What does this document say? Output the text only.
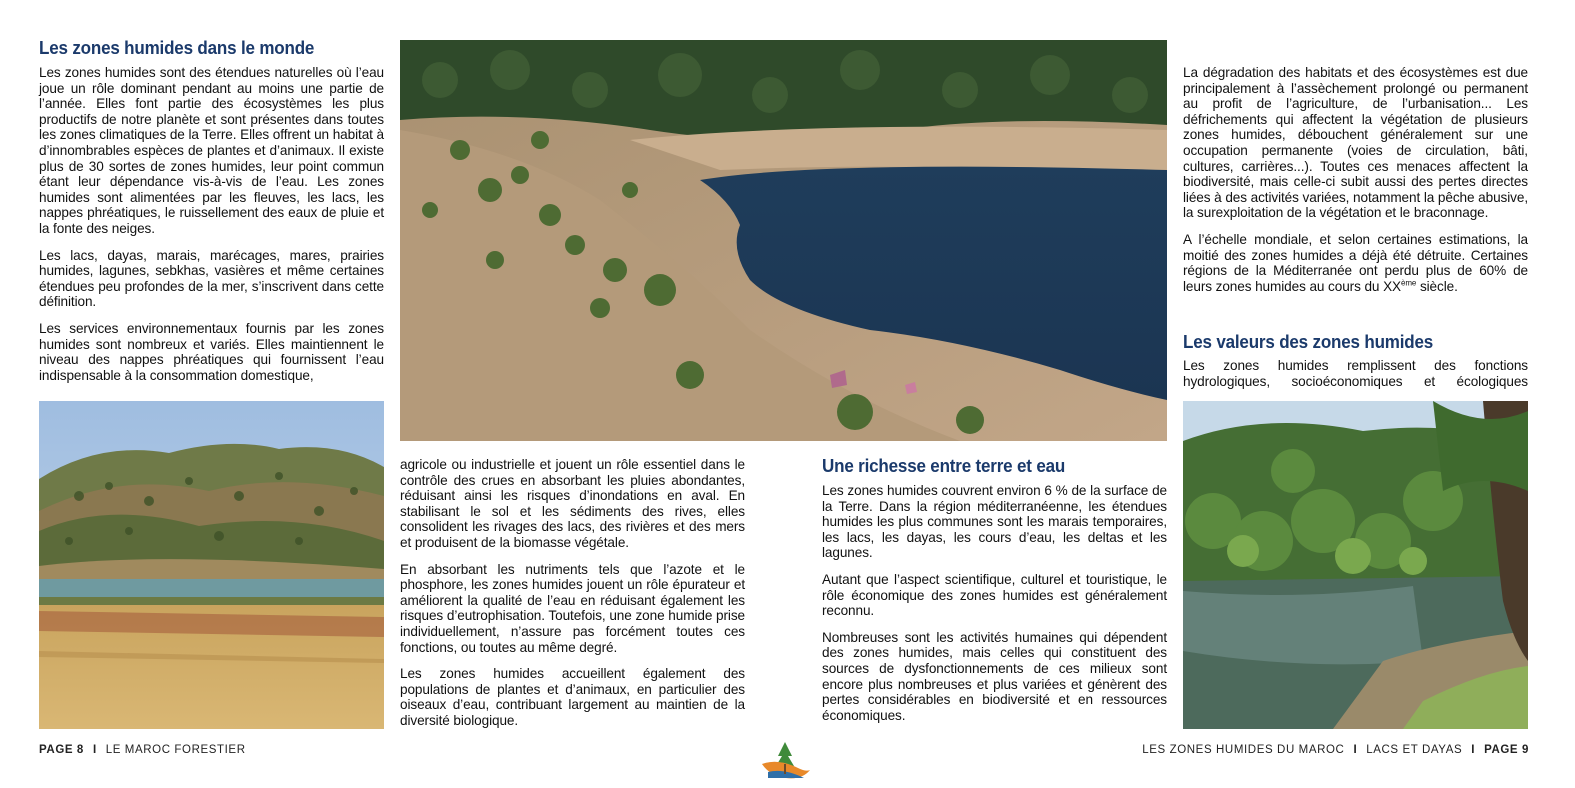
Les zones humides dans le monde

Les zones humides sont des étendues naturelles où l’eau joue un rôle dominant pendant au moins une partie de l’année. Elles font partie des écosystèmes les plus productifs de notre planète et sont présentes dans toutes les zones climatiques de la Terre. Elles offrent un habitat à d’innombrables espèces de plantes et d’animaux. Il existe plus de 30 sortes de zones humides, leur point commun étant leur dépendance vis-à-vis de l’eau. Les zones humides sont alimentées par les fleuves, les lacs, les nappes phréatiques, le ruissellement des eaux de pluie et la fonte des neiges.

Les lacs, dayas, marais, marécages, mares, prairies humides, lagunes, sebkhas, vasières et même certaines étendues peu profondes de la mer, s’inscrivent dans cette définition.

Les services environnementaux fournis par les zones humides sont nombreux et variés. Elles maintiennent le niveau des nappes phréatiques qui fournissent l’eau indispensable à la consommation domestique,

agricole ou industrielle et jouent un rôle essentiel dans le contrôle des crues en absorbant les pluies abondantes, réduisant ainsi les risques d’inondations en aval. En stabilisant le sol et les sédiments des rives, elles consolident les rivages des lacs, des rivières et des mers et produisent de la biomasse végétale.

En absorbant les nutriments tels que l’azote et le phosphore, les zones humides jouent un rôle épurateur et améliorent la qualité de l’eau en réduisant également les risques d’eutrophisation. Toutefois, une zone humide prise individuellement, n’assure pas forcément toutes ces fonctions, ou toutes au même degré.

Les zones humides accueillent également des populations de plantes et d’animaux, en particulier des oiseaux d’eau, contribuant largement au maintien de la diversité biologique.

Une richesse entre terre et eau

Les zones humides couvrent environ 6 % de la surface de la Terre. Dans la région méditerranéenne, les étendues humides les plus communes sont les marais temporaires, les lacs, les dayas, les cours d’eau, les deltas et les lagunes.

Autant que l’aspect scientifique, culturel et touristique, le rôle économique des zones humides est généralement reconnu.

Nombreuses sont les activités humaines qui dépendent des zones humides, mais celles qui constituent des sources de dysfonctionnements de ces milieux sont encore plus nombreuses et plus variées et génèrent des pertes considérables en biodiversité et en ressources économiques.

La dégradation des habitats et des écosystèmes est due principalement à l’assèchement prolongé ou permanent au profit de l’agriculture, de l’urbanisation... Les défrichements qui affectent la végétation de plusieurs zones humides, débouchent généralement sur une occupation permanente (voies de circulation, bâti, cultures, carrières...). Toutes ces menaces affectent la biodiversité, mais celle-ci subit aussi des pertes directes liées à des activités variées, notamment la pêche abusive, la surexploitation de la végétation et le braconnage.

A l’échelle mondiale, et selon certaines estimations, la moitié des zones humides a déjà été détruite. Certaines régions de la Méditerranée ont perdu plus de 60% de leurs zones humides au cours du XXème siècle.

Les valeurs des zones humides

Les zones humides remplissent des fonctions hydrologiques, socioéconomiques et écologiques

PAGE 8 I LE MAROC FORESTIER	LES ZONES HUMIDES DU MAROC I LACS ET DAYAS I PAGE 9
